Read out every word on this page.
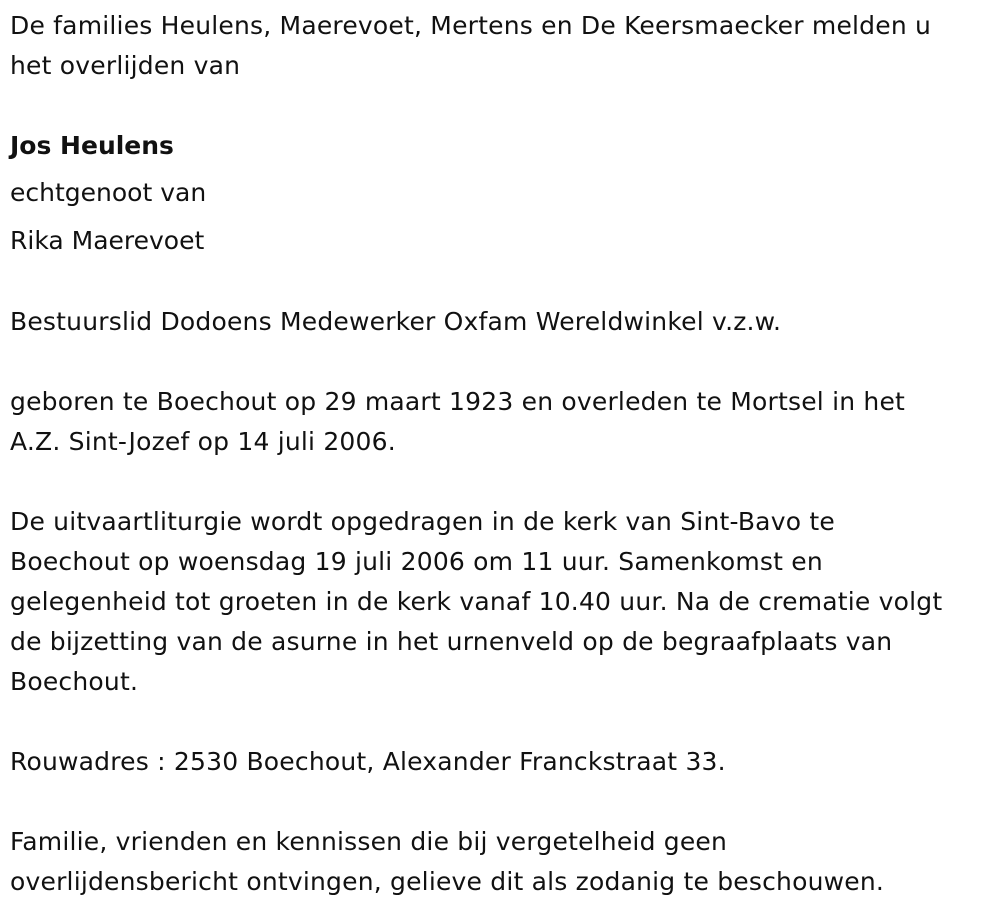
De families Heulens, Maerevoet, Mertens en De Keersmaecker melden u
het overlijden van
Jos Heulens
echtgenoot van
Rika Maerevoet
Bestuurslid Dodoens Medewerker Oxfam Wereldwinkel v.z.w.
geboren te Boechout op 29 maart 1923 en overleden te Mortsel in het
A.Z. Sint-Jozef op 14 juli 2006.
De uitvaartliturgie wordt opgedragen in de kerk van Sint-Bavo te
Boechout op woensdag 19 juli 2006 om 11 uur. Samenkomst en
gelegenheid tot groeten in de kerk vanaf 10.40 uur. Na de crematie volgt
de bijzetting van de asurne in het urnenveld op de begraafplaats van
Boechout.
Rouwadres : 2530 Boechout, Alexander Franckstraat 33.
Familie, vrienden en kennissen die bij vergetelheid geen
overlijdensbericht ontvingen, gelieve dit als zodanig te beschouwen.
